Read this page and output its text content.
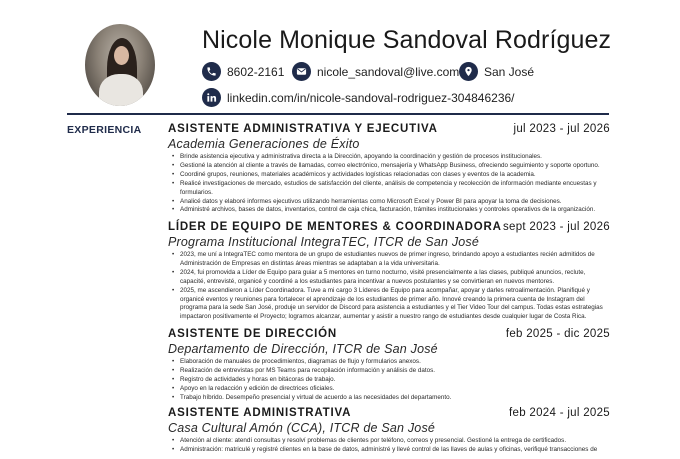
Nicole Monique Sandoval Rodríguez
8602-2161	nicole_sandoval@live.com San José
linkedin.com/in/nicole-sandoval-rodriguez-304846236/
EXPERIENCIA ASISTENTE ADMINISTRATIVA Y EJECUTIVA	jul 2023 - jul 2026
Academia Generaciones de Éxito
• Brinde asistencia ejecutiva y administrativa directa a la Dirección, apoyando la coordinación y gestión de procesos institucionales.
• Gestioné la atención al cliente a través de llamadas, correo electrónico, mensajería y WhatsApp Business, ofreciendo seguimiento y soporte oportuno.
• Coordiné grupos, reuniones, materiales académicos y actividades logísticas relacionadas con clases y eventos de la academia.
• Realicé investigaciones de mercado, estudios de satisfacción del cliente, análisis de competencia y recolección de información mediante encuestas y formularios.
• Analicé datos y elaboré informes ejecutivos utilizando herramientas como Microsoft Excel y Power BI para apoyar la toma de decisiones.
• Administré archivos, bases de datos, inventarios, control de caja chica, facturación, trámites institucionales y controles operativos de la organización.
LÍDER DE EQUIPO DE MENTORES & COORDINADORA sept 2023 - jul 2026
Programa Institucional IntegraTEC, ITCR de San José
• 2023, me uní a IntegraTEC como mentora de un grupo de estudiantes nuevos de primer ingreso, brindando apoyo a estudiantes recién admitidos de Administración de Empresas en distintas áreas mientras se adaptaban a la vida universitaria.
• 2024, fui promovida a Líder de Equipo para guiar a 5 mentores en turno nocturno, visité presencialmente a las clases, publiqué anuncios, reclute, capacité, entrevisté, organicé y coordiné a los estudiantes para incentivar a nuevos postulantes y se convirtieran en nuevos mentores.
• 2025, me ascendieron a Líder Coordinadora. Tuve a mi cargo 3 Líderes de Equipo para acompañar, apoyar y darles retroalimentación. Planifiqué y organicé eventos y reuniones para fortalecer el aprendizaje de los estudiantes de primer año. Innové creando la primera cuenta de Instagram del programa para la sede San José, produje un servidor de Discord para asistencia a estudiantes y el Tier Video Tour del campus. Todas estas estrategias impactaron positivamente el Proyecto; logramos alcanzar, aumentar y asistir a nuestro rango de estudiantes desde cualquier lugar de Costa Rica.
ASISTENTE DE DIRECCIÓN	feb 2025 - dic 2025
Departamento de Dirección, ITCR de San José
• Elaboración de manuales de procedimientos, diagramas de flujo y formularios anexos.
• Realización de entrevistas por MS Teams para recopilación información y análisis de datos.
• Registro de actividades y horas en bitácoras de trabajo.
• Apoyo en la redacción y edición de directrices oficiales.
• Trabajo híbrido. Desempeño presencial y virtual de acuerdo a las necesidades del departamento.
ASISTENTE ADMINISTRATIVA	feb 2024 - jul 2025
Casa Cultural Amón (CCA), ITCR de San José
• Atención al cliente: atendí consultas y resolví problemas de clientes por teléfono, correos y presencial. Gestioné la entrega de certificados.
• Administración: matriculé y registré clientes en la base de datos, administré y llevé control de las llaves de aulas y oficinas, verifiqué transacciones de
